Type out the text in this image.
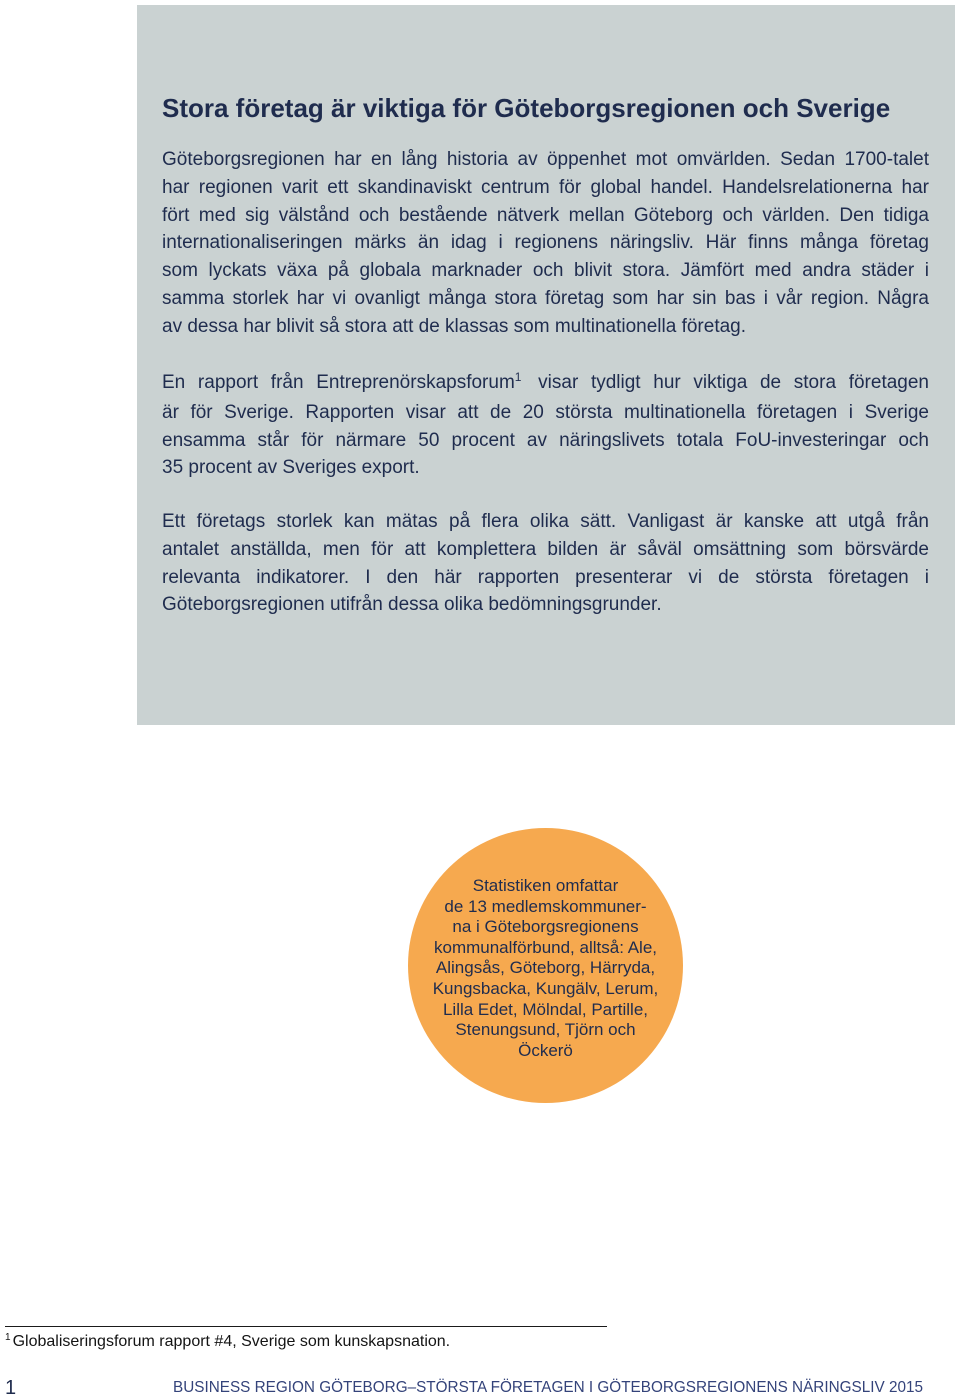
Stora företag är viktiga för Göteborgsregionen och Sverige
Göteborgsregionen har en lång historia av öppenhet mot omvärlden. Sedan 1700-talet
har regionen varit ett skandinaviskt centrum för global handel. Handelsrelationerna har
fört med sig välstånd och bestående nätverk mellan Göteborg och världen. Den tidiga
internationaliseringen märks än idag i regionens näringsliv. Här finns många företag
som lyckats växa på globala marknader och blivit stora. Jämfört med andra städer i
samma storlek har vi ovanligt många stora företag som har sin bas i vår region. Några
av dessa har blivit så stora att de klassas som multinationella företag.
En rapport från Entreprenörskapsforum$^1$ visar tydligt hur viktiga de stora företagen
är för Sverige. Rapporten visar att de 20 största multinationella företagen i Sverige
ensamma står för närmare 50 procent av näringslivets totala FoU-investeringar och
35 procent av Sveriges export.
Ett företags storlek kan mätas på flera olika sätt. Vanligast är kanske att utgå från
antalet anställda, men för att komplettera bilden är såväl omsättning som börsvärde
relevanta indikatorer. I den här rapporten presenterar vi de största företagen i
Göteborgsregionen utifrån dessa olika bedömningsgrunder.
Statistiken omfattar
de 13 medlemskommuner-
na i Göteborgsregionens
kommunalförbund, alltså: Ale,
Alingsås, Göteborg, Härryda,
Kungsbacka, Kungälv, Lerum,
Lilla Edet, Mölndal, Partille,
Stenungsund, Tjörn och
Öckerö
$^1$ Globaliseringsforum rapport #4, Sverige som kunskapsnation.
1	BUSINESS REGION GÖTEBORG–STÖRSTA FÖRETAGEN I GÖTEBORGSREGIONENS NÄRINGSLIV 2015
